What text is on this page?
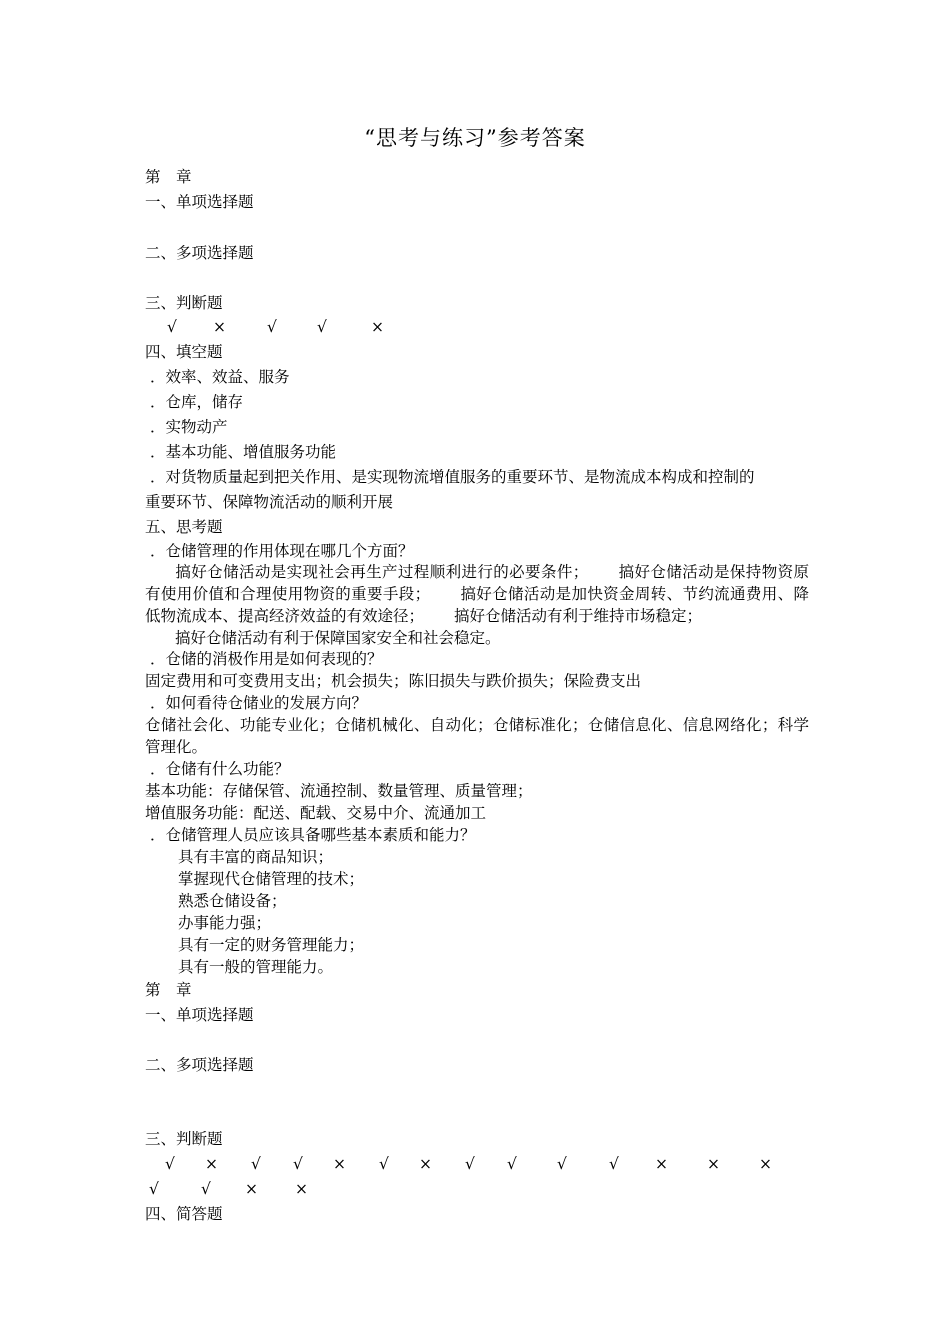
“思考与练习”参考答案
第　章
一、单项选择题
二、多项选择题
三、判断题
√ ×	√	√	×
四、填空题
．效率、效益、服务
．仓库，储存
．实物动产
．基本功能、增值服务功能
．对货物质量起到把关作用、是实现物流增值服务的重要环节、是物流成本构成和控制的
重要环节、保障物流活动的顺利开展
五、思考题
．仓储管理的作用体现在哪几个方面？
搞好仓储活动是实现社会再生产过程顺利进行的必要条件； 搞好仓储活动是保持物资原有使用价值和合理使用物资的重要手段； 搞好仓储活动是加快资金周转、节约流通费用、降低物流成本、提高经济效益的有效途径； 搞好仓储活动有利于维持市场稳定；
搞好仓储活动有利于保障国家安全和社会稳定。
．仓储的消极作用是如何表现的？
固定费用和可变费用支出；机会损失；陈旧损失与跌价损失；保险费支出
．如何看待仓储业的发展方向？
仓储社会化、功能专业化；仓储机械化、自动化；仓储标准化；仓储信息化、信息网络化；科学管理化。
．仓储有什么功能？
基本功能：存储保管、流通控制、数量管理、质量管理；
增值服务功能：配送、配载、交易中介、流通加工
．仓储管理人员应该具备哪些基本素质和能力？
具有丰富的商品知识；
掌握现代仓储管理的技术；
熟悉仓储设备；
办事能力强；
具有一定的财务管理能力；
具有一般的管理能力。
第　章
一、单项选择题
二、多项选择题
三、判断题
√ × √ √ × √ × √ √	√	√ ×	×	×
√	√ × ×
四、简答题
